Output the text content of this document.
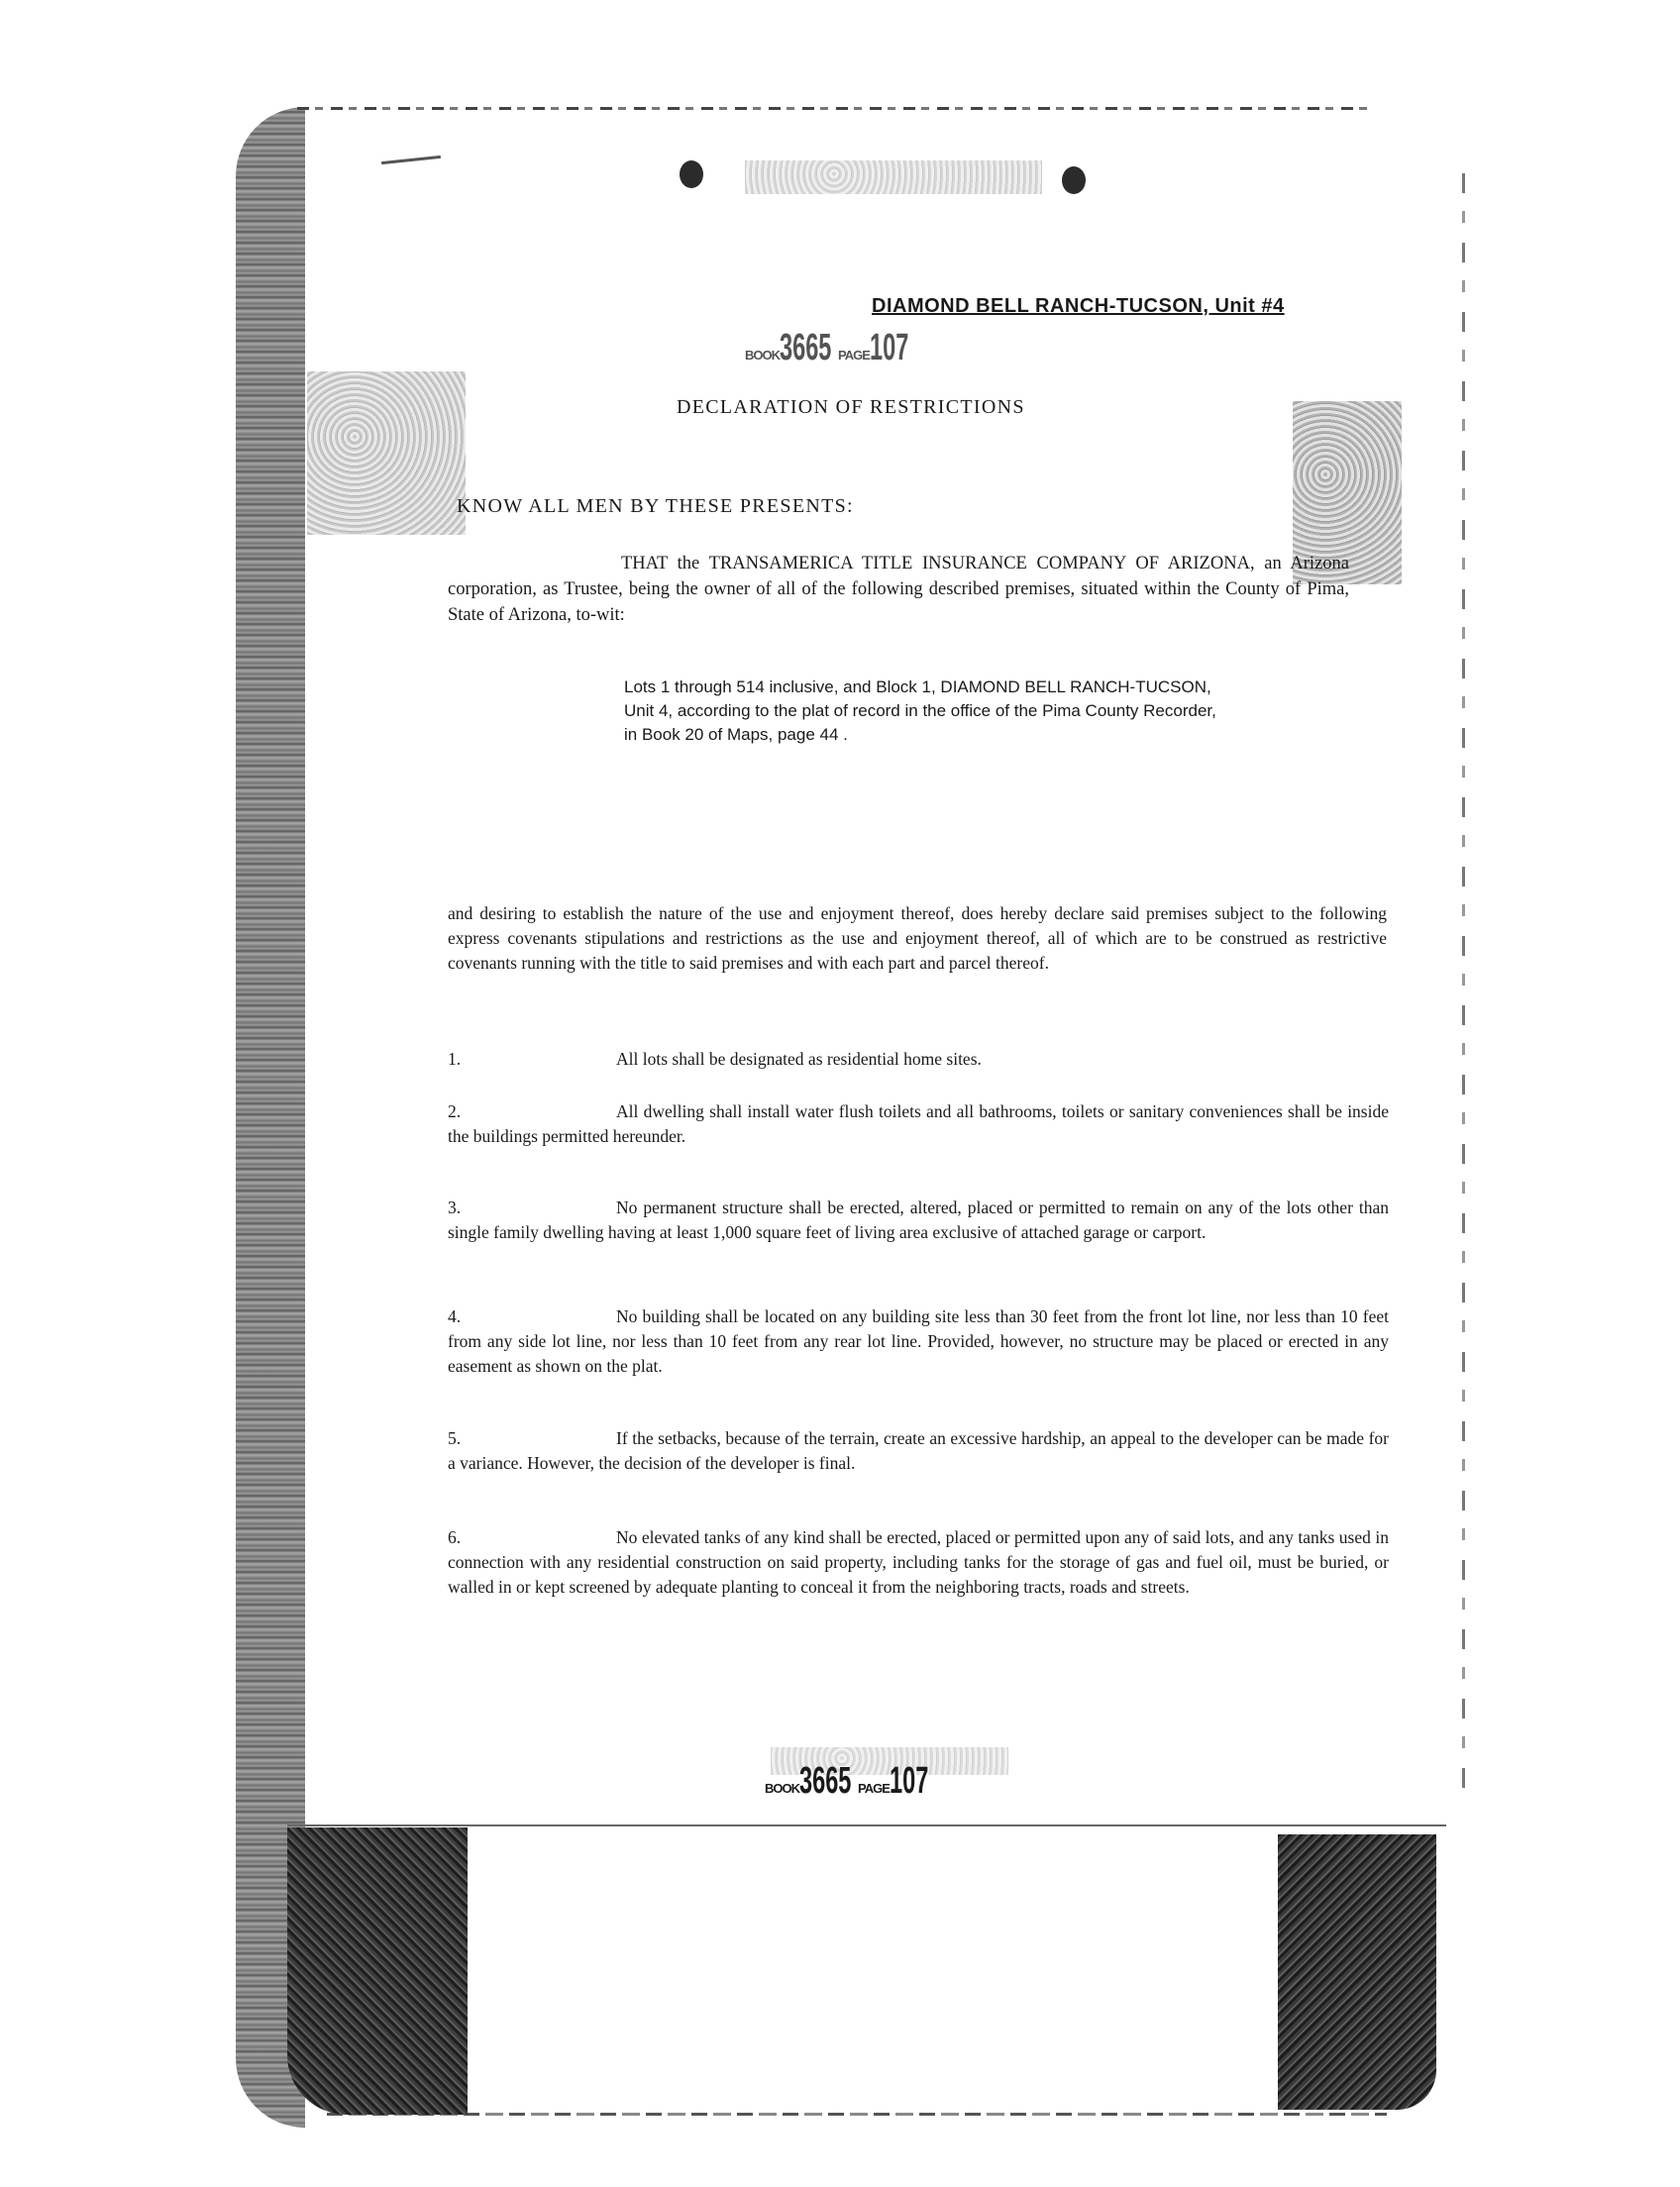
DIAMOND BELL RANCH-TUCSON, Unit #4
BOOK3665 PAGE107
DECLARATION OF RESTRICTIONS

KNOW ALL MEN BY THESE PRESENTS:

THAT the TRANSAMERICA TITLE INSURANCE COMPANY OF ARIZONA, an Arizona corporation, as Trustee, being the owner of all of the following described premises, situated within the County of Pima, State of Arizona, to-wit:

Lots 1 through 514 inclusive, and Block 1, DIAMOND BELL RANCH-TUCSON, Unit 4, according to the plat of record in the office of the Pima County Recorder, in Book 20 of Maps, page 44 .

and desiring to establish the nature of the use and enjoyment thereof, does hereby declare said premises subject to the following express covenants stipulations and restrictions as the use and enjoyment thereof, all of which are to be construed as restrictive covenants running with the title to said premises and with each part and parcel thereof.

1.	All lots shall be designated as residential home sites.

2.	All dwelling shall install water flush toilets and all bathrooms, toilets or sanitary conveniences shall be inside the buildings permitted hereunder.

3.	No permanent structure shall be erected, altered, placed or permitted to remain on any of the lots other than single family dwelling having at least 1,000 square feet of living area exclusive of attached garage or carport.

4.	No building shall be located on any building site less than 30 feet from the front lot line, nor less than 10 feet from any side lot line, nor less than 10 feet from any rear lot line. Provided, however, no structure may be placed or erected in any easement as shown on the plat.

5.	If the setbacks, because of the terrain, create an excessive hardship, an appeal to the developer can be made for a variance. However, the decision of the developer is final.

6.	No elevated tanks of any kind shall be erected, placed or permitted upon any of said lots, and any tanks used in connection with any residential construction on said property, including tanks for the storage of gas and fuel oil, must be buried, or walled in or kept screened by adequate planting to conceal it from the neighboring tracts, roads and streets.

BOOK3665 PAGE107
